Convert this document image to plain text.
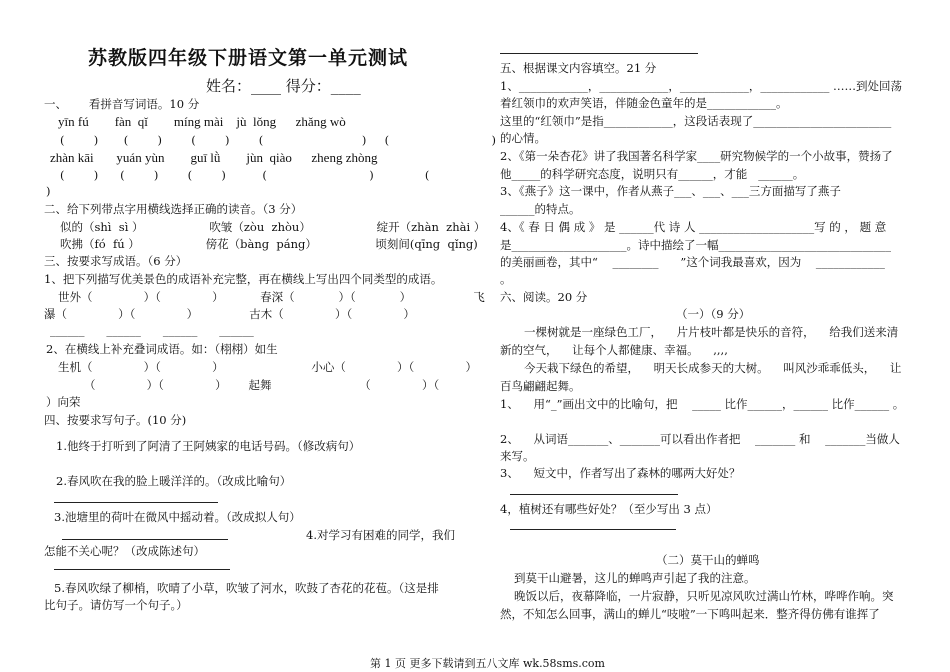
苏教版四年级下册语文第一单元测试
姓名：____ 得分：____
一、      看拼音写词语。10 分
yīn fú        fàn  qǐ        míng mài    jù  lǒng      zhǎng wò
(        )       (        )        (        )        (                           )     (                            )
zhàn kāi       yuán yùn        guī lǜ        jùn  qiào      zheng zhòng
(        )      (        )        (        )          (                            )              (
)
二、给下列带点字用横线选择正确的读音。（3 分）
似的（shì  sì ）                  吹皱（zòu  zhòu）                  绽开（zhàn  zhài ）
吹拂（fó  fú ）                  傍花（bàng  páng）                顷刻间(qīng  qǐng)
三、按要求写成语。（6 分）
1、把下列描写优美景色的成语补充完整，再在横线上写出四个同类型的成语。
世外（              ）（              ）          春深（            ）（            ）                 飞
瀑（              ）（              ）              古木（              ）（              ）
______      ______      ______      ______
2、在横线上补充叠词成语。如：（栩栩）如生
生机（              ）（              ）                        小心（              ）（              ）
（              ）（              ）      起舞                        （              ）（
）向荣
四、按要求写句子。(10 分)
1.他终于打听到了阿清了王阿姨家的电话号码。（修改病句）
2.春风吹在我的脸上暖洋洋的。（改成比喻句）
3.池塘里的荷叶在微风中摇动着。（改成拟人句）
4.对学习有困难的同学，我们
怎能不关心呢？（改成陈述句）
5.春风吹绿了柳梢，吹晴了小草，吹皱了河水，吹鼓了杏花的花苞。（这是排
比句子。请仿写一个句子。）
五、根据课文内容填空。21 分
1、____________，____________，____________，____________ ……到处回荡
着红领巾的欢声笑语，伴随金色童年的是____________。
这里的“红领巾”是指____________，这段话表现了________________________
的心情。
2、《第一朵杏花》讲了我国著名科学家____研究物候学的一个小故事，赞扬了
他_____的科学研究态度，说明只有______，才能   ______。
3、《燕子》这一课中，作者从燕子___、___、___三方面描写了燕子
______的特点。
4、《 春 日 偶 成 》 是 ______代 诗 人 ____________________写 的 ， 题 意
是____________________。诗中描绘了一幅______________________________
的美丽画卷，其中“    ________      ”这个词我最喜欢，因为    ____________
。
六、阅读。20 分
（一）（9 分）
一棵树就是一座绿色工厂，    片片枝叶都是快乐的音符，    给我们送来清
新的空气，    让每个人都健康、幸福。    ,,,,
今天栽下绿色的希望，    明天长成参天的大树。    叫风沙乖乖低头，    让
百鸟翩翩起舞。
1、    用“_”画出文中的比喻句，把    _____ 比作______，______ 比作______ 。
2、    从词语_______、_______可以看出作者把    _______ 和    _______当做人
来写。
3、    短文中，作者写出了森林的哪两大好处？
4，植树还有哪些好处？（至少写出 3 点）
（二）莫干山的蝉鸣
到莫干山避暑，这儿的蝉鸣声引起了我的注意。
晚饭以后，夜幕降临，一片寂静，只听见凉风吹过满山竹林，哗哗作响。突
然，不知怎么回事，满山的蝉儿“吱啦”一下鸣叫起来．整齐得仿佛有谁挥了
第 1 页 更多下载请到五八文库 wk.58sms.com
